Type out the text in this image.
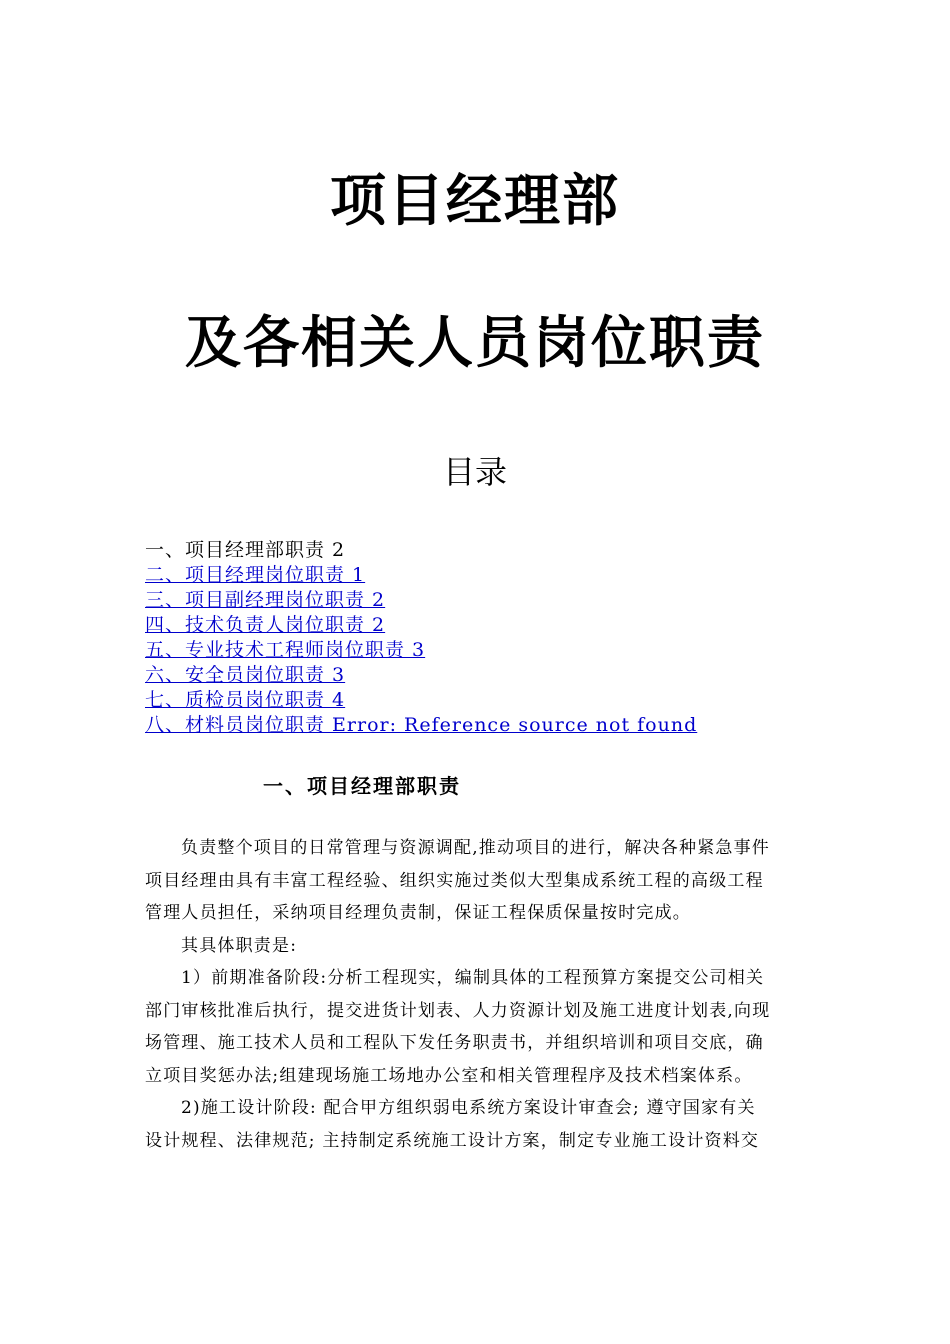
项目经理部
及各相关人员岗位职责
目录
一、项目经理部职责 2
二、项目经理岗位职责 1
三、项目副经理岗位职责 2
四、技术负责人岗位职责 2
五、专业技术工程师岗位职责 3
六、安全员岗位职责 3
七、质检员岗位职责 4
八、材料员岗位职责 Error: Reference source not found
一、项目经理部职责
负责整个项目的日常管理与资源调配,推动项目的进行，解决各种紧急事件
项目经理由具有丰富工程经验、组织实施过类似大型集成系统工程的高级工程
管理人员担任，采纳项目经理负责制，保证工程保质保量按时完成。
其具体职责是:
1）前期准备阶段:分析工程现实，编制具体的工程预算方案提交公司相关
部门审核批准后执行，提交进货计划表、人力资源计划及施工进度计划表,向现
场管理、施工技术人员和工程队下发任务职责书，并组织培训和项目交底，确
立项目奖惩办法;组建现场施工场地办公室和相关管理程序及技术档案体系。
2)施工设计阶段: 配合甲方组织弱电系统方案设计审查会; 遵守国家有关
设计规程、法律规范; 主持制定系统施工设计方案，制定专业施工设计资料交
